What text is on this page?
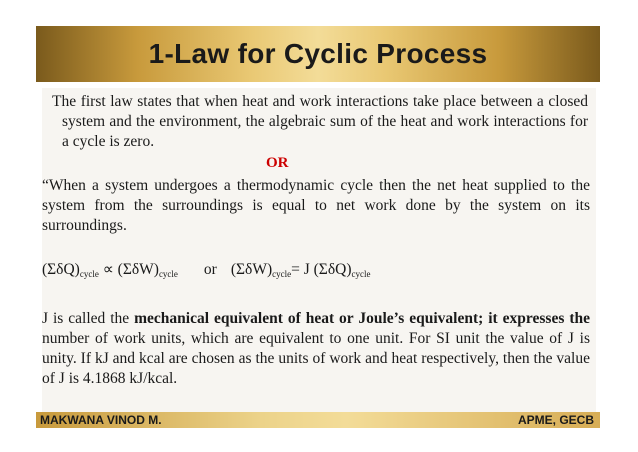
1-Law for Cyclic Process

The first law states that when heat and work interactions take place between a closed system and the environment, the algebraic sum of the heat and work interactions for a cycle is zero.

OR

“When a system undergoes a thermodynamic cycle then the net heat supplied to the system from the surroundings is equal to net work done by the system on its surroundings.

$(\Sigma\delta Q)_{cycle} \propto (\Sigma\delta W)_{cycle}$ or $(\Sigma\delta W)_{cycle}= J$ $(\Sigma\delta Q)_{cycle}$

J is called the mechanical equivalent of heat or Joule’s equivalent; it expresses the number of work units, which are equivalent to one unit. For SI unit the value of J is unity. If kJ and kcal are chosen as the units of work and heat respectively, then the value of J is 4.1868 kJ/kcal.

MAKWANA VINOD M.	APME, GECB
